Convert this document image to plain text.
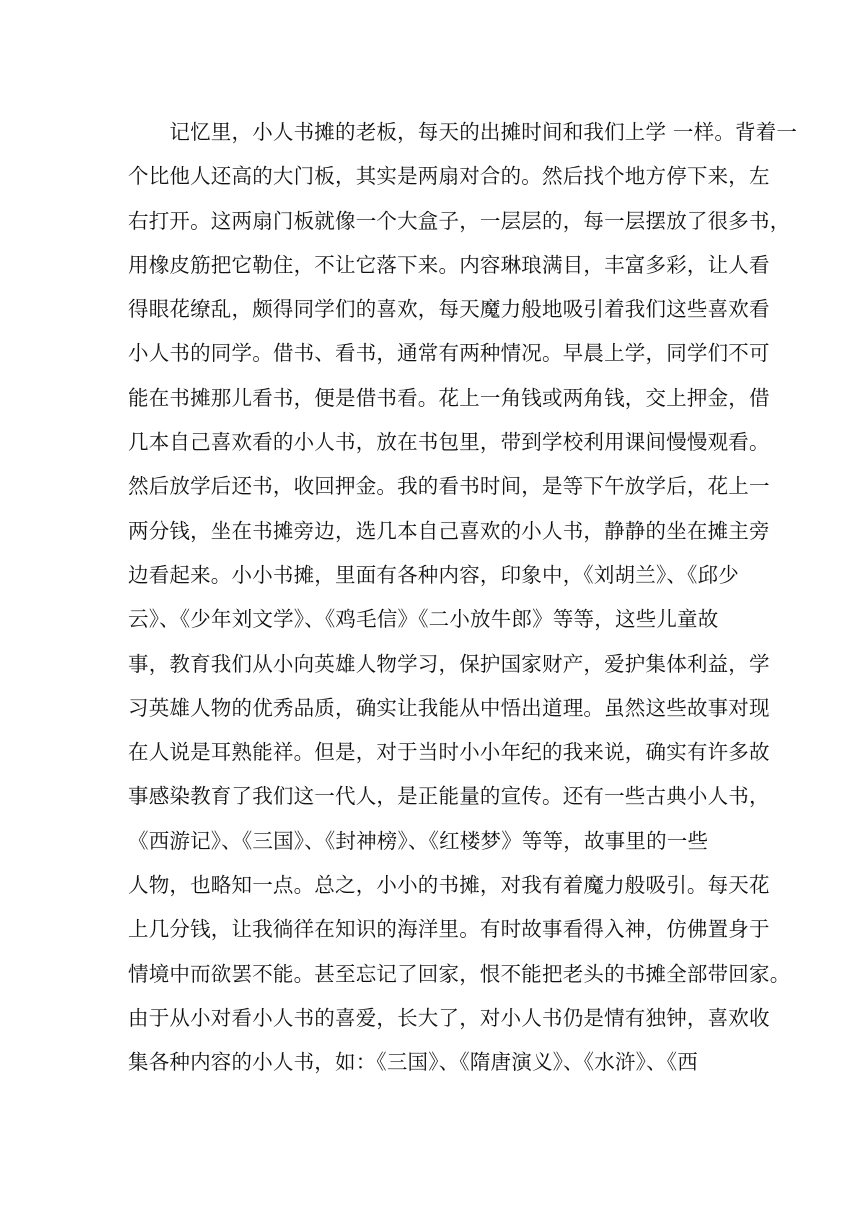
　　记忆里，小人书摊的老板，每天的出摊时间和我们上学 一样。背着一
个比他人还高的大门板，其实是两扇对合的。然后找个地方停下来，左
右打开。这两扇门板就像一个大盒子，一层层的，每一层摆放了很多书，
用橡皮筋把它勒住，不让它落下来。内容琳琅满目，丰富多彩，让人看
得眼花缭乱，颇得同学们的喜欢，每天魔力般地吸引着我们这些喜欢看
小人书的同学。借书、看书，通常有两种情况。早晨上学，同学们不可
能在书摊那儿看书，便是借书看。花上一角钱或两角钱，交上押金，借
几本自己喜欢看的小人书，放在书包里，带到学校利用课间慢慢观看。
然后放学后还书，收回押金。我的看书时间，是等下午放学后，花上一
两分钱，坐在书摊旁边，选几本自己喜欢的小人书，静静的坐在摊主旁
边看起来。小小书摊，里面有各种内容，印象中，《刘胡兰》、《邱少
云》、《少年刘文学》、《鸡毛信》《二小放牛郎》等等，这些儿童故
事，教育我们从小向英雄人物学习，保护国家财产，爱护集体利益，学
习英雄人物的优秀品质，确实让我能从中悟出道理。虽然这些故事对现
在人说是耳熟能祥。但是，对于当时小小年纪的我来说，确实有许多故
事感染教育了我们这一代人，是正能量的宣传。还有一些古典小人书，
《西游记》、《三国》、《封神榜》、《红楼梦》等等，故事里的一些
人物，也略知一点。总之，小小的书摊，对我有着魔力般吸引。每天花
上几分钱，让我徜徉在知识的海洋里。有时故事看得入神，仿佛置身于
情境中而欲罢不能。甚至忘记了回家，恨不能把老头的书摊全部带回家。
由于从小对看小人书的喜爱，长大了，对小人书仍是情有独钟，喜欢收
集各种内容的小人书，如：《三国》、《隋唐演义》、《水浒》、《西
